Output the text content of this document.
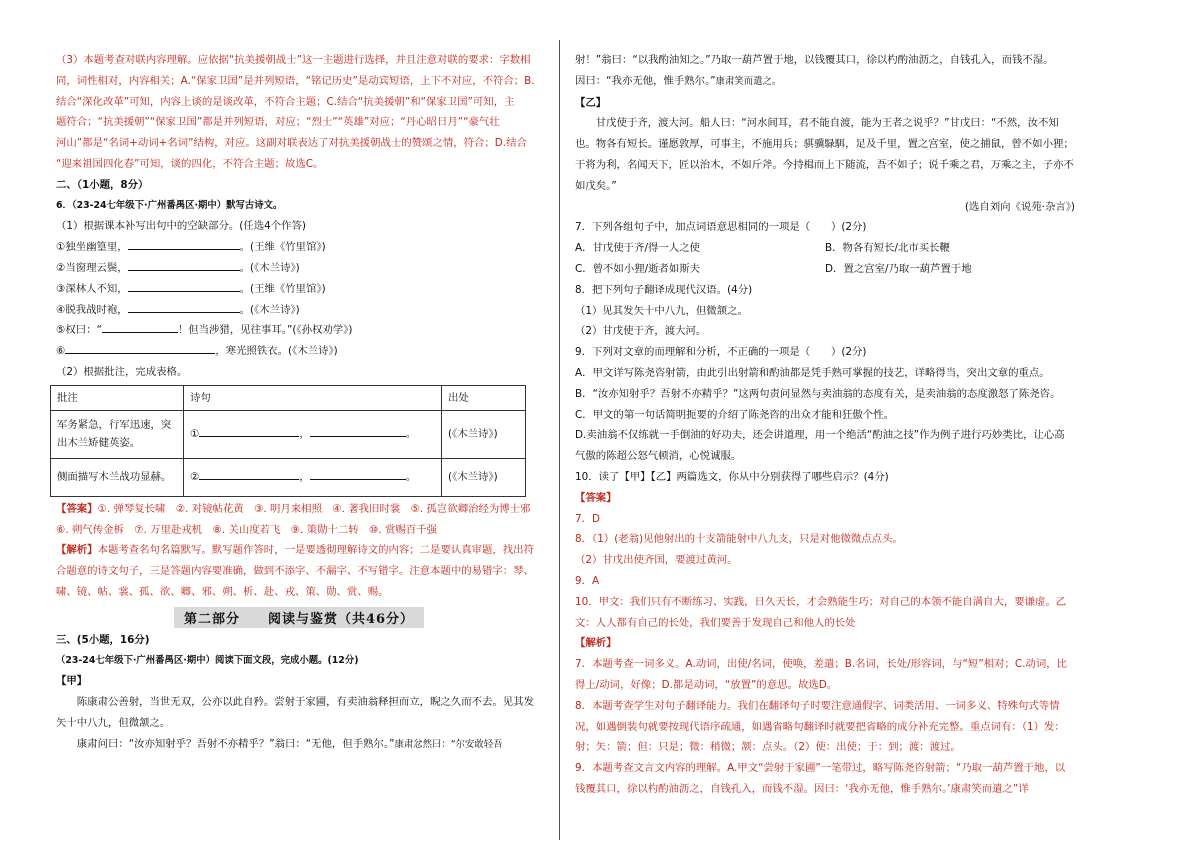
（3）本题考查对联内容理解。应依据“抗美援朝战士”这一主题进行选择，并且注意对联的要求：字数相
同，词性相对，内容相关；A.“保家卫国”是并列短语，“铭记历史”是动宾短语，上下不对应，不符合；B.
结合“深化改革”可知，内容上谈的是谈改革，不符合主题；C.结合“抗美援朝”和“保家卫国”可知，主
题符合；“抗美援朝”“保家卫国”都是并列短语，对应；“烈士”“英雄”对应；“丹心昭日月”“豪气壮
河山”都是“名词+动词+名词”结构，对应。这副对联表达了对抗美援朝战士的赞颂之情，符合；D.结合
“迎来祖国四化春”可知，谈的四化，不符合主题；故选C。
二、（1小题，8分）
6．（23-24七年级下·广州番禺区·期中）默写古诗文。
（1）根据课本补写出句中的空缺部分。(任选4个作答)
①独坐幽篁里，	。(王维《竹里馆》)
②当窗理云鬓，	。(《木兰诗》)
③深林人不知，	。(王维《竹里馆》)
④脱我战时袍，	。(《木兰诗》)
⑤权曰：“	！但当涉猎，见往事耳。”(《孙权劝学》)
⑥	，寒光照铁衣。(《木兰诗》)
（2）根据批注，完成表格。
批注	诗句	出处
军务紧急，行军迅速，突出木兰矫健英姿。	① ， 。	(《木兰诗》)
侧面描写木兰战功显赫。	② ， 。	(《木兰诗》)
【答案】①. 弹琴复长啸　②. 对镜帖花黄　③. 明月来相照　④. 著我旧时裳　⑤. 孤岂欲卿治经为博士邪　⑥. 朔气传金柝　⑦. 万里赴戎机　⑧. 关山度若飞　⑨. 策勋十二转　⑩. 赏赐百千强
【解析】本题考查名句名篇默写。默写题作答时，一是要透彻理解诗文的内容；二是要认真审题，找出符合题意的诗文句子，三是答题内容要准确，做到不添字、不漏字、不写错字。注意本题中的易错字：琴、啸、镜、帖、裳、孤、欲、卿、邪、朔、析、赴、戎、策、勋、赏、赐。
第二部分　　阅读与鉴赏（共46分）
三、(5小题，16分)
（23-24七年级下·广州番禺区·期中）阅读下面文段，完成小题。(12分)
【甲】
陈康肃公善射，当世无双，公亦以此自矜。尝射于家圃，有卖油翁释担而立，睨之久而不去。见其发矢十中八九，但微颔之。
康肃问曰：“汝亦知射乎？吾射不亦精乎？”翁曰：“无他，但手熟尔。”康肃忿然曰：“尔安敢轻吾
射！”翁曰：“以我酌油知之。”乃取一葫芦置于地，以钱覆其口，徐以杓酌油沥之，自钱孔入，而钱不湿。
因曰：“我亦无他，惟手熟尔。”康肃笑而遣之。
【乙】
甘戊使于齐，渡大河。船人曰：“河水间耳，君不能自渡，能为王者之说乎？”甘戊曰：“不然，汝不知也。物各有短长。谨愿敦厚，可事主，不施用兵；骐骥騄駬，足及千里，置之宫室，使之捕鼠，曾不如小狸；干将为利，名闻天下，匠以治木，不如斤斧。今持楫而上下随流，吾不如子；说千乘之君，万乘之主，子亦不如戊矣。”
(选自刘向《说苑·杂言》)
7．下列各组句子中，加点词语意思相同的一项是（　　）(2分)
A．甘戊使于齐/得一人之使	B．物各有短长/北市买长鞭
C．曾不如小狸/逝者如斯夫	D．置之宫室/乃取一葫芦置于地
8．把下列句子翻译成现代汉语。(4分)
（1）见其发矢十中八九，但微颔之。
（2）甘戊使于齐，渡大河。
9．下列对文章的而理解和分析，不正确的一项是（　　）(2分)
A．甲文详写陈尧咨射箭，由此引出射箭和酌油都是凭手熟可掌握的技艺，详略得当，突出文章的重点。
B．“汝亦知射乎？吾射不亦精乎？”这两句责问显然与卖油翁的态度有关，是卖油翁的态度激怒了陈尧咨。
C．甲文的第一句话简明扼要的介绍了陈尧咨的出众才能和狂傲个性。
D.卖油翁不仅练就一手倒油的好功夫，还会讲道理，用一个绝活“酌油之技”作为例子进行巧妙类比，让心高气傲的陈超公怒气顿消，心悦诚服。
10．读了【甲】【乙】两篇选文，你从中分别获得了哪些启示？(4分)
【答案】
7．D
8．（1）(老翁)见他射出的十支箭能射中八九支，只是对他微微点点头。
（2）甘戊出使齐国，要渡过黄河。
9．A
10．甲文：我们只有不断练习、实践，日久天长，才会熟能生巧；对自己的本领不能自满自大，要谦虚。乙文：人人都有自己的长处，我们要善于发现自己和他人的长处
【解析】
7．本题考查一词多义。A.动词，出使/名词，使唤，差遣；B.名词，长处/形容词，与“短”相对；C.动词，比得上/动词，好像；D.都是动词，“放置”的意思。故选D。
8．本题考查学生对句子翻译能力。我们在翻译句子时要注意通假字、词类活用、一词多义、特殊句式等情况，如遇倒装句就要按现代语序疏通，如遇省略句翻译时就要把省略的成分补充完整。重点词有：（1）发：射；矢：箭；但：只是；微：稍微；颔：点头。（2）使：出使；于：到；渡：渡过。
9．本题考查文言文内容的理解。A.甲文“尝射于家圃”一笔带过，略写陈尧咨射箭；“乃取一葫芦置于地，以钱覆其口，徐以杓酌油沥之，自钱孔入，而钱不湿。因曰：‘我亦无他，惟手熟尔。’康肃笑而遣之”详
